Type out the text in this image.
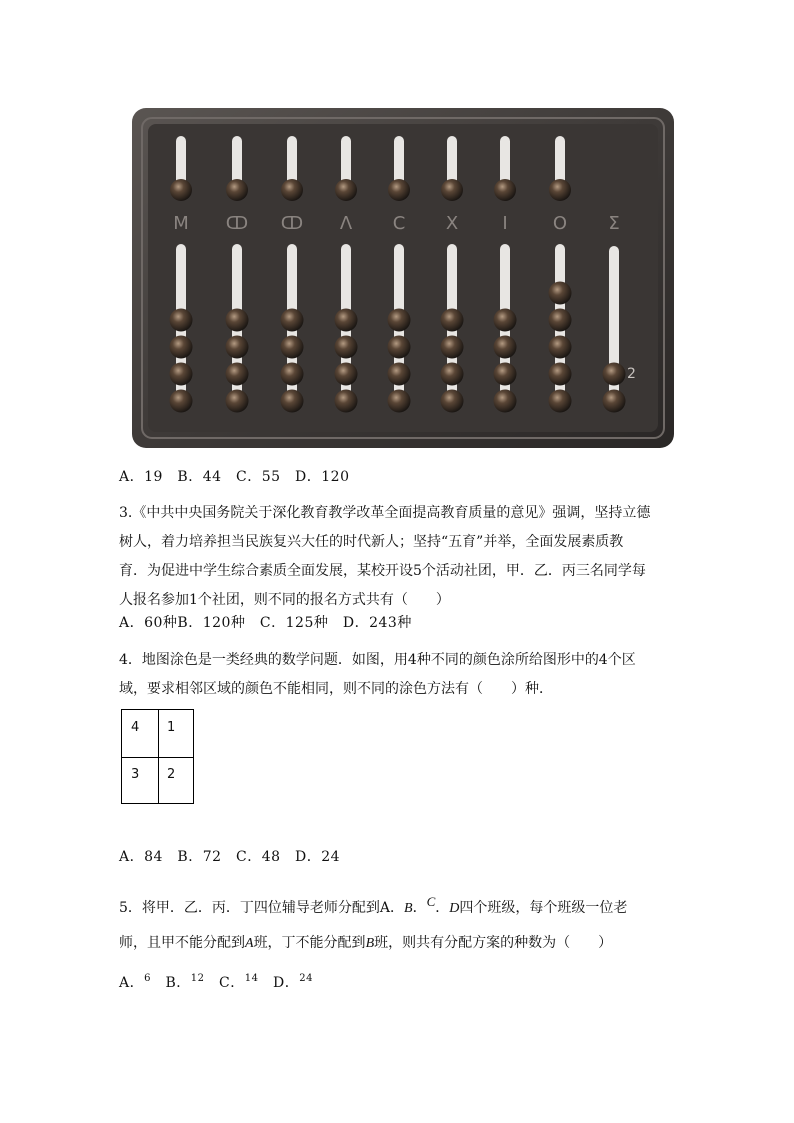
M ↀ ↀ ⴷ C X I	O Σ
2
A．19　B．44　C．55　D．120
3.《中共中央国务院关于深化教育教学改革全面提高教育质量的意见》强调，坚持立德
树人，着力培养担当民族复兴大任的时代新人；坚持“五育”并举，全面发展素质教
育．为促进中学生综合素质全面发展，某校开设5个活动社团，甲．乙．丙三名同学每
人报名参加1个社团，则不同的报名方式共有（　　）
A．60种B．120种　C．125种　D．243种
4．地图涂色是一类经典的数学问题．如图，用4种不同的颜色涂所给图形中的4个区
域，要求相邻区域的颜色不能相同，则不同的涂色方法有（　　）种．
4 1
3 2
A．84　B．72　C．48　D．24
5．将甲．乙．丙．丁四位辅导老师分配到A．B．$^C$．D四个班级，每个班级一位老
师，且甲不能分配到A班，丁不能分配到B班，则共有分配方案的种数为（　　）
A．$^6$　B．$^{12}$　C．$^{14}$　D．$^{24}$
